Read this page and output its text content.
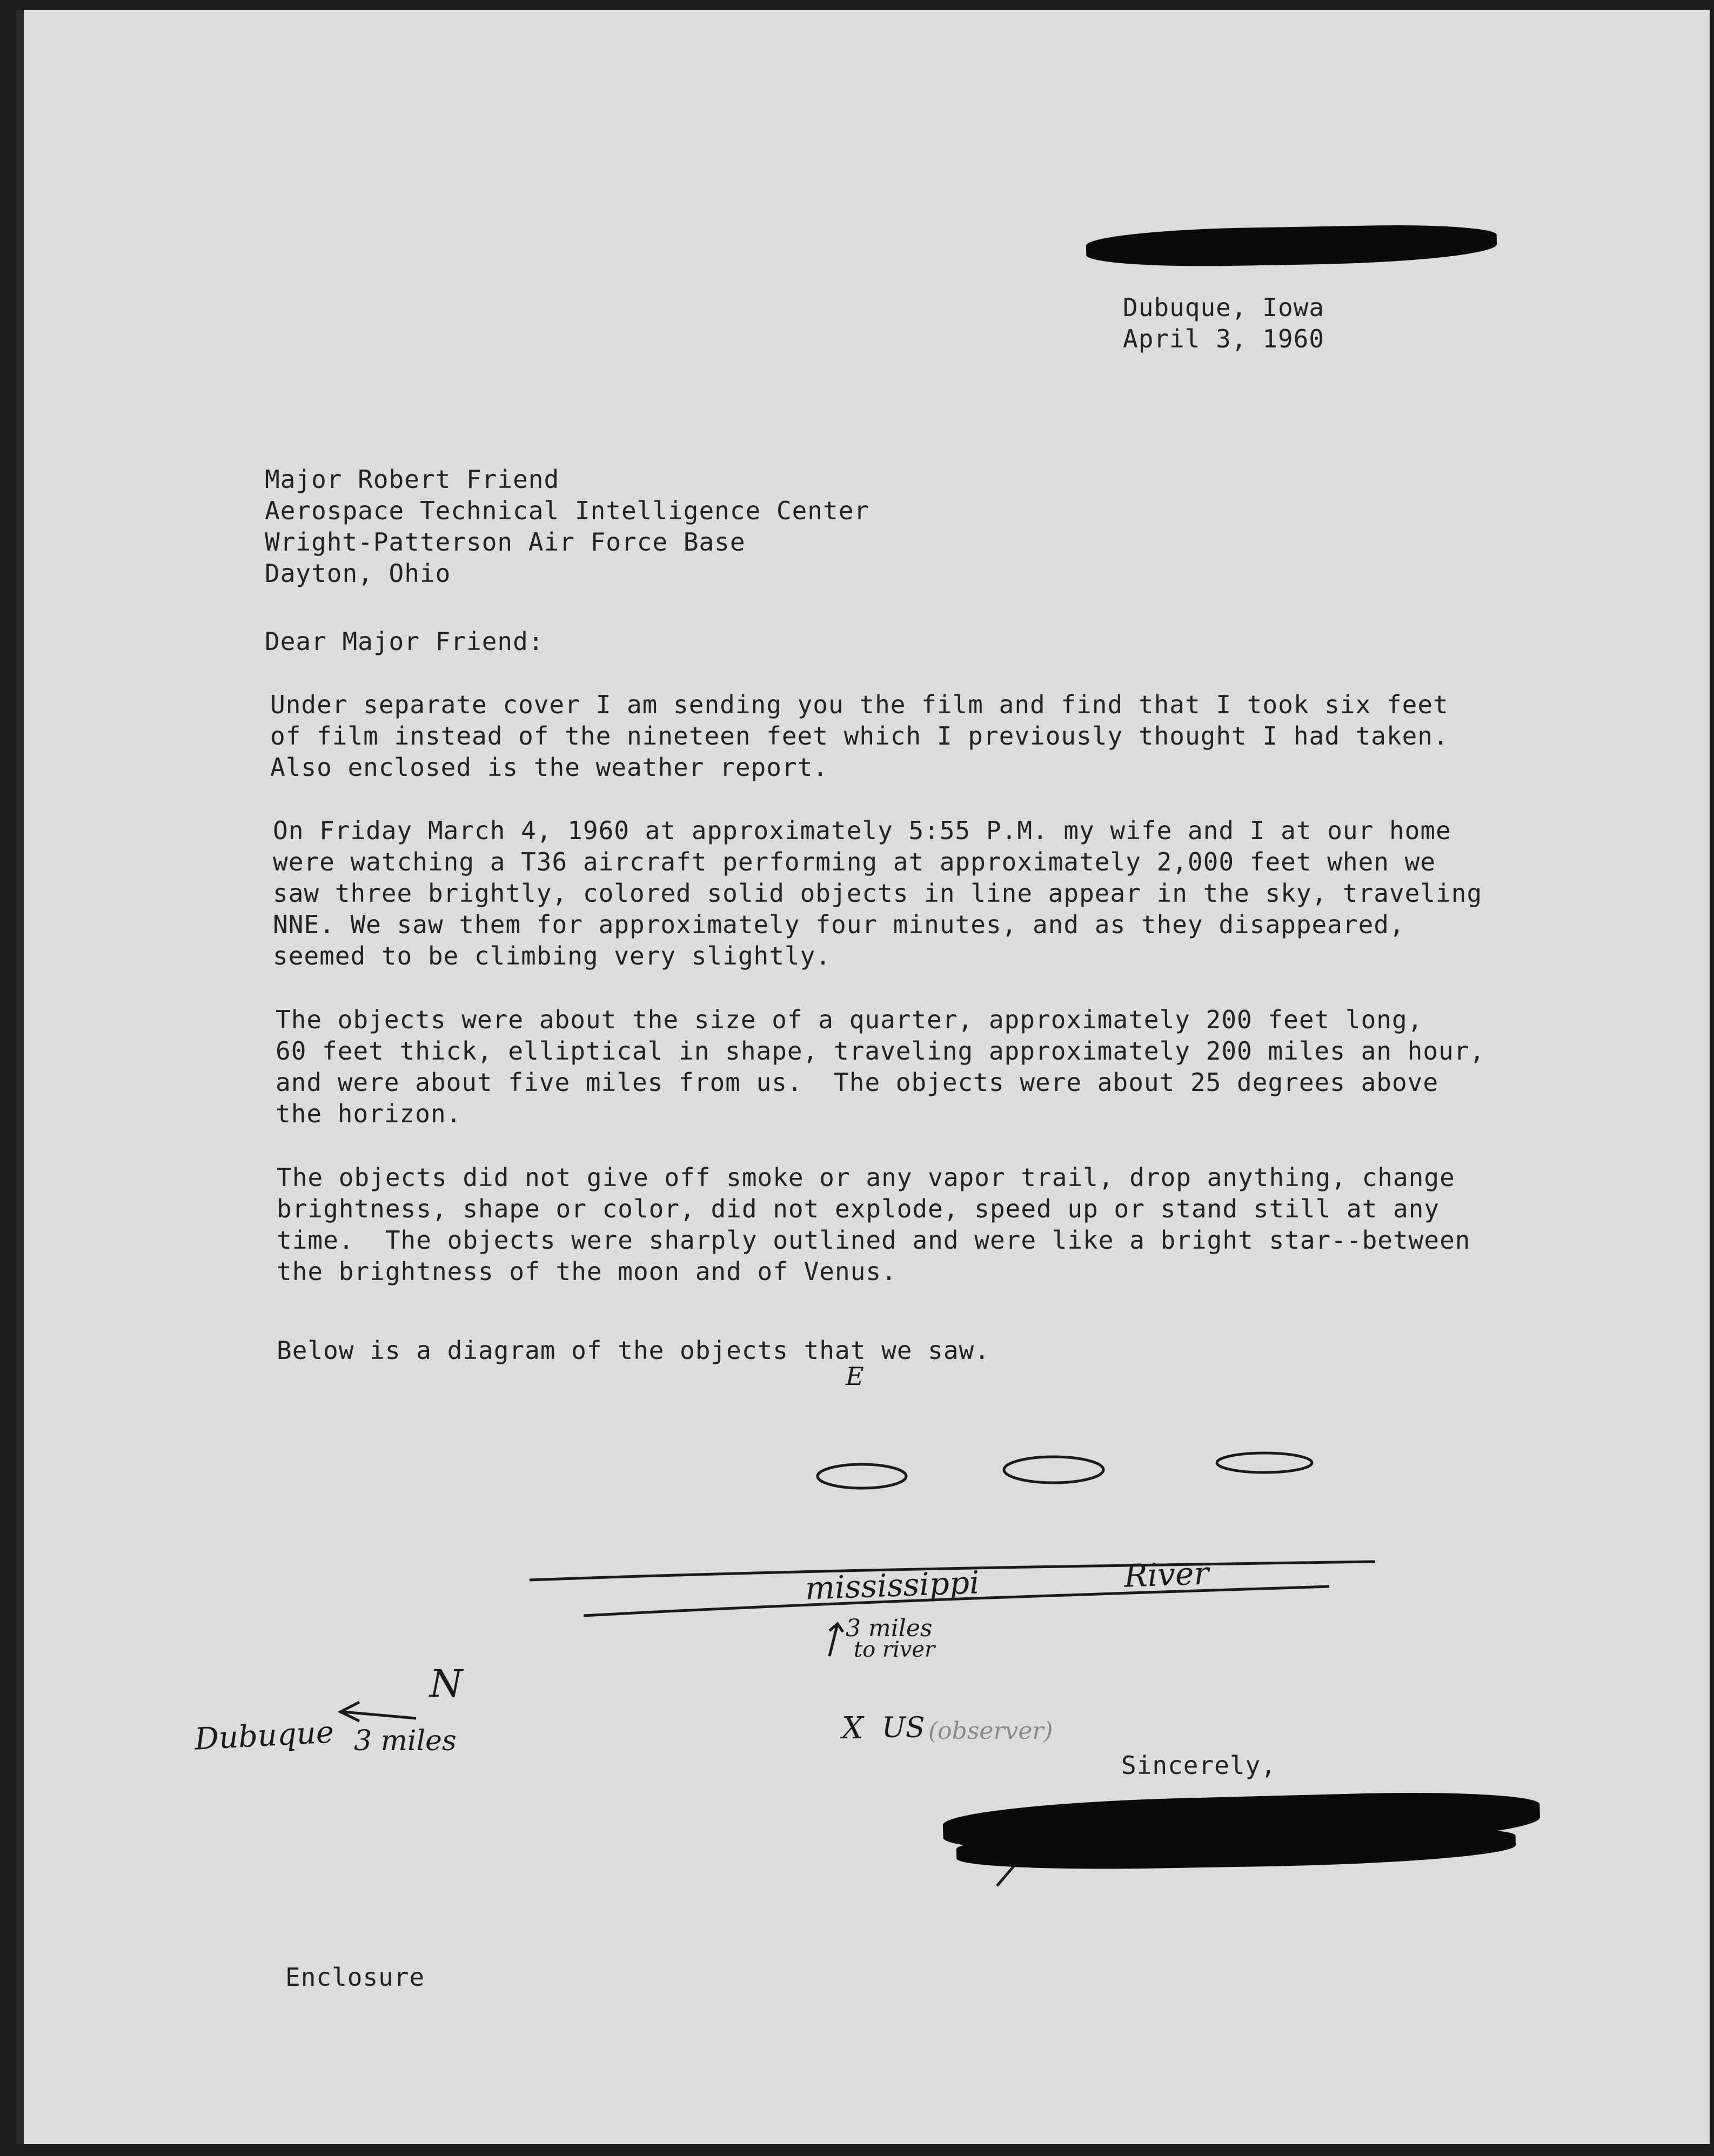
Dubuque, Iowa
April 3, 1960
Major Robert Friend
Aerospace Technical Intelligence Center
Wright-Patterson Air Force Base
Dayton, Ohio
Dear Major Friend:
Under separate cover I am sending you the film and find that I took six feet
of film instead of the nineteen feet which I previously thought I had taken.
Also enclosed is the weather report.
On Friday March 4, 1960 at approximately 5:55 P.M. my wife and I at our home
were watching a T36 aircraft performing at approximately 2,000 feet when we
saw three brightly, colored solid objects in line appear in the sky, traveling
NNE. We saw them for approximately four minutes, and as they disappeared,
seemed to be climbing very slightly.
The objects were about the size of a quarter, approximately 200 feet long,
60 feet thick, elliptical in shape, traveling approximately 200 miles an hour,
and were about five miles from us.  The objects were about 25 degrees above
the horizon.
The objects did not give off smoke or any vapor trail, drop anything, change
brightness, shape or color, did not explode, speed up or stand still at any
time.  The objects were sharply outlined and were like a bright star--between
the brightness of the moon and of Venus.
Below is a diagram of the objects that we saw.
E
mississippi	River
3 miles
to river
N
Dubuque 3 miles	X US (observer)
Sincerely,
Enclosure
